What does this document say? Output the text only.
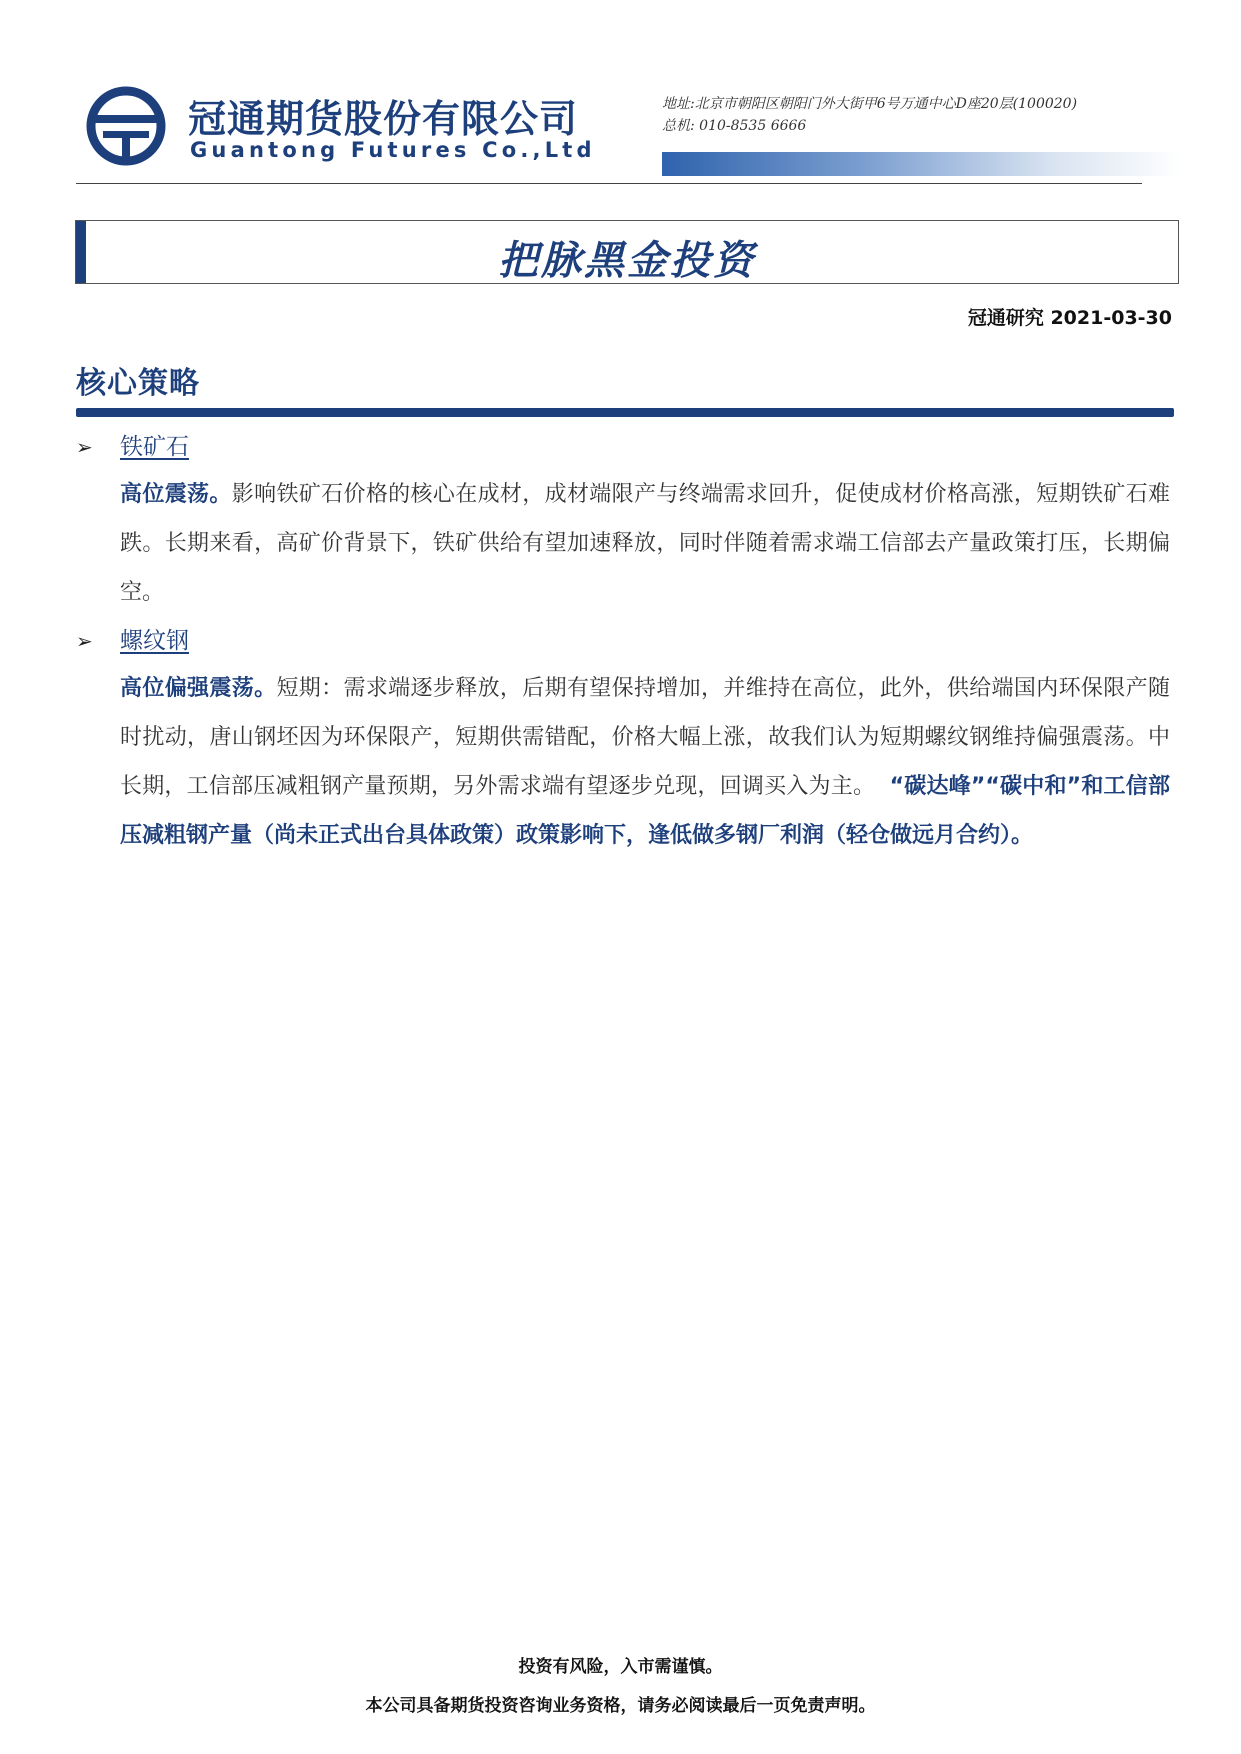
冠通期货股份有限公司
Guantong Futures Co.,Ltd
地址:北京市朝阳区朝阳门外大街甲6号万通中心D座20层(100020)
总机: 010-8535 6666
把脉黑金投资
冠通研究 2021-03-30
核心策略
➢ 铁矿石

高位震荡。影响铁矿石价格的核心在成材，成材端限产与终端需求回升，促使成材价格高涨，短期铁矿石难跌。长期来看，高矿价背景下，铁矿供给有望加速释放，同时伴随着需求端工信部去产量政策打压，长期偏空。

➢ 螺纹钢

高位偏强震荡。短期：需求端逐步释放，后期有望保持增加，并维持在高位，此外，供给端国内环保限产随时扰动，唐山钢坯因为环保限产，短期供需错配，价格大幅上涨，故我们认为短期螺纹钢维持偏强震荡。中长期，工信部压减粗钢产量预期，另外需求端有望逐步兑现，回调买入为主。 “碳达峰”“碳中和”和工信部压减粗钢产量（尚未正式出台具体政策）政策影响下，逢低做多钢厂利润（轻仓做远月合约）。

投资有风险，入市需谨慎。
本公司具备期货投资咨询业务资格，请务必阅读最后一页免责声明。
